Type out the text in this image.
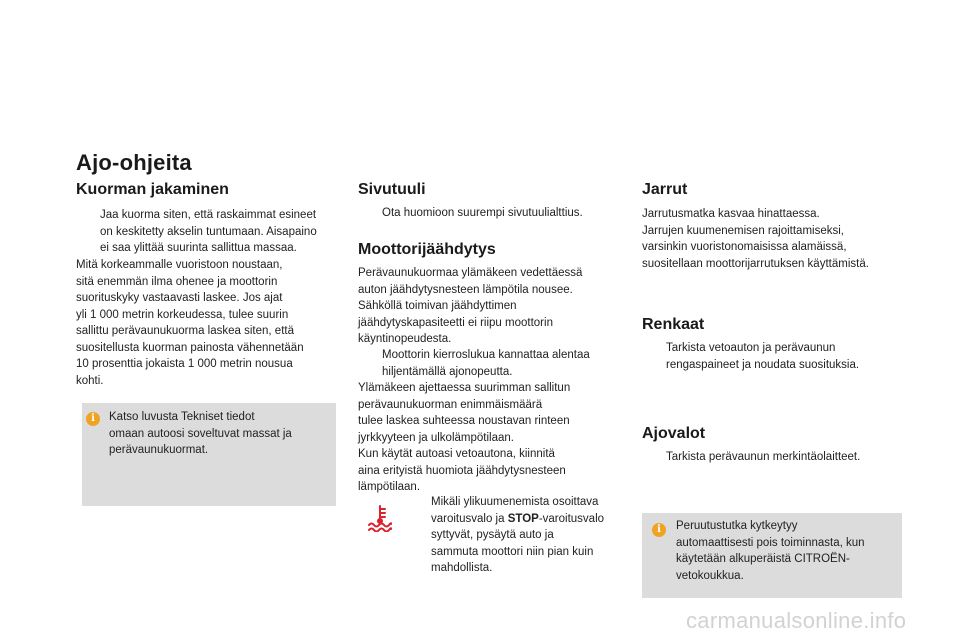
Ajo-ohjeita
Kuorman jakaminen
Jaa kuorma siten, että raskaimmat esineet
on keskitetty akselin tuntumaan. Aisapaino
ei saa ylittää suurinta sallittua massaa.
Mitä korkeammalle vuoristoon noustaan,
sitä enemmän ilma ohenee ja moottorin
suorituskyky vastaavasti laskee. Jos ajat
yli 1 000 metrin korkeudessa, tulee suurin
sallittu perävaunukuorma laskea siten, että
suositellusta kuorman painosta vähennetään
10 prosenttia jokaista 1 000 metrin nousua
kohti.
i	Katso luvusta Tekniset tiedot
omaan autoosi soveltuvat massat ja
perävaunukuormat.
Sivutuuli
Ota huomioon suurempi sivutuulialttius.
Moottorijäähdytys
Perävaunukuormaa ylämäkeen vedettäessä
auton jäähdytysnesteen lämpötila nousee.
Sähköllä toimivan jäähdyttimen
jäähdytyskapasiteetti ei riipu moottorin
käyntinopeudesta.
Moottorin kierroslukua kannattaa alentaa
hiljentämällä ajonopeutta.
Ylämäkeen ajettaessa suurimman sallitun
perävaunukuorman enimmäismäärä
tulee laskea suhteessa noustavan rinteen
jyrkkyyteen ja ulkolämpötilaan.
Kun käytät autoasi vetoautona, kiinnitä
aina erityistä huomiota jäähdytysnesteen
lämpötilaan.
Mikäli ylikuumenemista osoittava
varoitusvalo ja STOP-varoitusvalo
syttyvät, pysäytä auto ja
sammuta moottori niin pian kuin
mahdollista.
Jarrut
Jarrutusmatka kasvaa hinattaessa.
Jarrujen kuumenemisen rajoittamiseksi,
varsinkin vuoristonomaisissa alamäissä,
suositellaan moottorijarrutuksen käyttämistä.
Renkaat
Tarkista vetoauton ja perävaunun
rengaspaineet ja noudata suosituksia.
Ajovalot
Tarkista perävaunun merkintäolaitteet.
i	Peruutustutka kytkeytyy
automaattisesti pois toiminnasta, kun
käytetään alkuperäistä CITROËN-
vetokoukkua.
carmanualsonline.info
